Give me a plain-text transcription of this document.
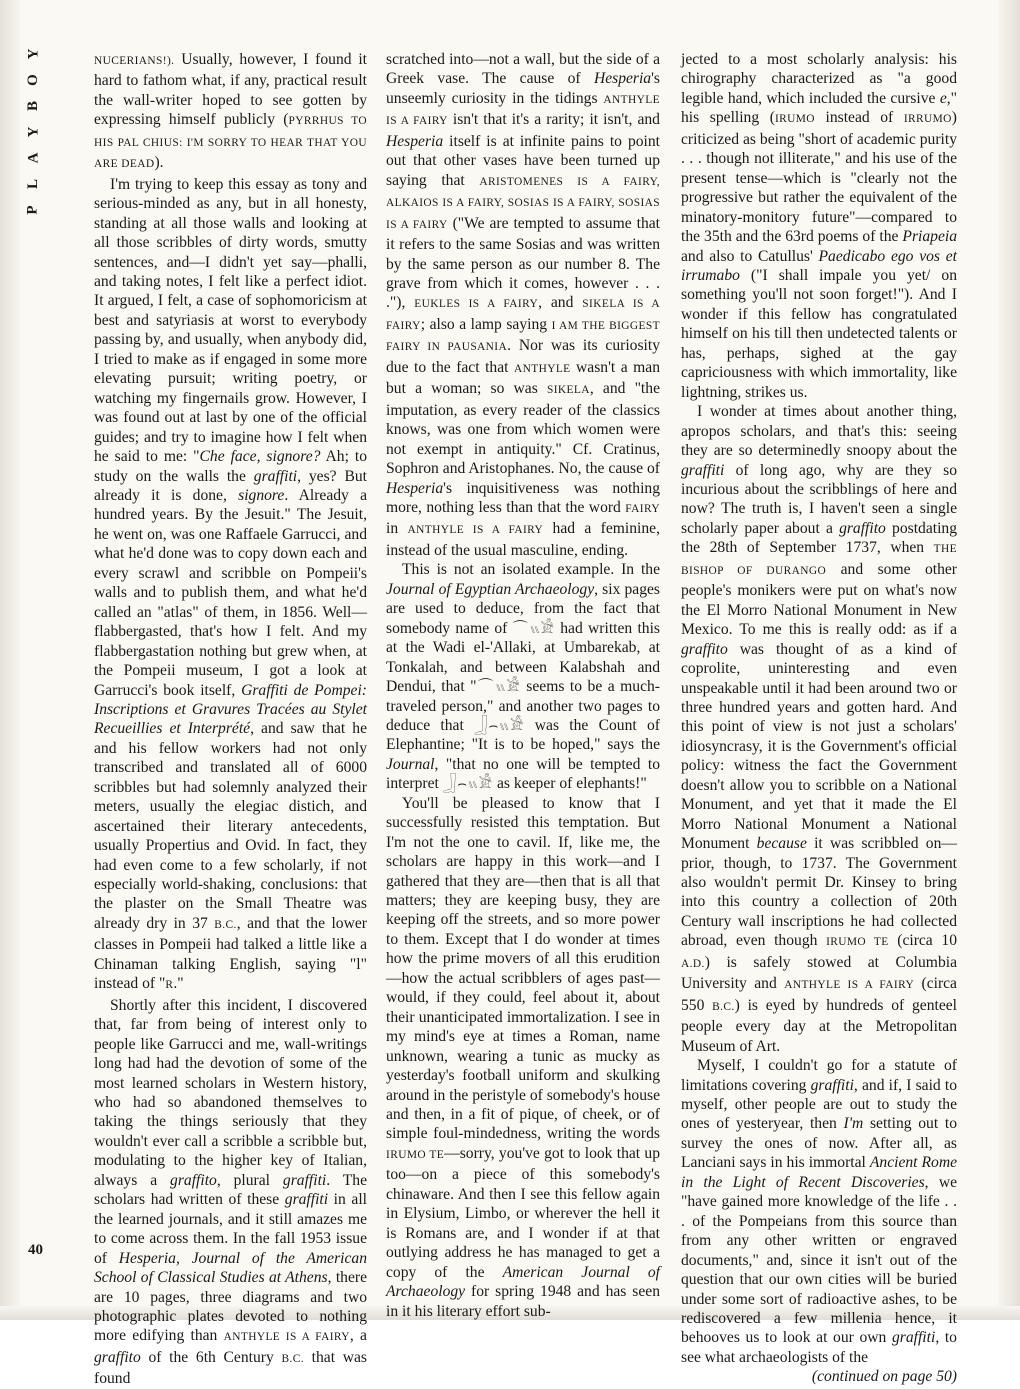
Y
O
B
Y
A
L
P
40

NUCERIANS!). Usually, however, I found it hard to fathom what, if any, practical result the wall-writer hoped to see gotten by expressing himself publicly (PYRRHUS TO HIS PAL CHIUS: I'M SORRY TO HEAR THAT YOU ARE DEAD).

I'm trying to keep this essay as tony and serious-minded as any, but in all honesty, standing at all those walls and looking at all those scribbles of dirty words, smutty sentences, and—I didn't yet say—phalli, and taking notes, I felt like a perfect idiot. It argued, I felt, a case of sophomoricism at best and satyriasis at worst to everybody passing by, and usually, when anybody did, I tried to make as if engaged in some more elevating pursuit; writing poetry, or watching my fingernails grow. However, I was found out at last by one of the official guides; and try to imagine how I felt when he said to me: "Che face, signore? Ah; to study on the walls the graffiti, yes? But already it is done, signore. Already a hundred years. By the Jesuit." The Jesuit, he went on, was one Raffaele Garrucci, and what he'd done was to copy down each and every scrawl and scribble on Pompeii's walls and to publish them, and what he'd called an "atlas" of them, in 1856. Well—flabbergasted, that's how I felt. And my flabbergastation nothing but grew when, at the Pompeii museum, I got a look at Garrucci's book itself, Graffiti de Pompei: Inscriptions et Gravures Tracées au Stylet Recueillies et Interprété, and saw that he and his fellow workers had not only transcribed and translated all of 6000 scribbles but had solemnly analyzed their meters, usually the elegiac distich, and ascertained their literary antecedents, usually Propertius and Ovid. In fact, they had even come to a few scholarly, if not especially world-shaking, conclusions: that the plaster on the Small Theatre was already dry in 37 B.C., and that the lower classes in Pompeii had talked a little like a Chinaman talking English, saying "l" instead of "R."

Shortly after this incident, I discovered that, far from being of interest only to people like Garrucci and me, wall-writings long had had the devotion of some of the most learned scholars in Western history, who had so abandoned themselves to taking the things seriously that they wouldn't ever call a scribble a scribble but, modulating to the higher key of Italian, always a graffito, plural graffiti. The scholars had written of these graffiti in all the learned journals, and it still amazes me to come across them. In the fall 1953 issue of Hesperia, Journal of the American School of Classical Studies at Athens, there are 10 pages, three diagrams and two photographic plates devoted to nothing more edifying than ANTHYLE IS A FAIRY, a graffito of the 6th Century B.C. that was found

scratched into—not a wall, but the side of a Greek vase. The cause of Hesperia's unseemly curiosity in the tidings ANTHYLE IS A FAIRY isn't that it's a rarity; it isn't, and Hesperia itself is at infinite pains to point out that other vases have been turned up saying that ARISTOMENES IS A FAIRY, ALKAIOS IS A FAIRY, SOSIAS IS A FAIRY, SOSIAS IS A FAIRY ("We are tempted to assume that it refers to the same Sosias and was written by the same person as our number 8. The grave from which it comes, however . . . ."), EUKLES IS A FAIRY, and SIKELA IS A FAIRY; also a lamp saying I AM THE BIGGEST FAIRY IN PAUSANIA. Nor was its curiosity due to the fact that ANTHYLE wasn't a man but a woman; so was SIKELA, and "the imputation, as every reader of the classics knows, was one from which women were not exempt in antiquity." Cf. Cratinus, Sophron and Aristophanes. No, the cause of Hesperia's inquisitiveness was nothing more, nothing less than that the word FAIRY in ANTHYLE IS A FAIRY had a feminine, instead of the usual masculine, ending.

This is not an isolated example. In the Journal of Egyptian Archaeology, six pages are used to deduce, from the fact that somebody name of ⌒𓏭𓀀 had written this at the Wadi el-'Allaki, at Umbarekab, at Tonkalah, and between Kalabshah and Dendui, that "⌒𓏭𓀀 seems to be a much-traveled person," and another two pages to deduce that 𓃀⌢𓏭𓀀 was the Count of Elephantine; "It is to be hoped," says the Journal, "that no one will be tempted to interpret 𓃀⌢𓏭𓀀 as keeper of elephants!"

You'll be pleased to know that I successfully resisted this temptation. But I'm not the one to cavil. If, like me, the scholars are happy in this work—and I gathered that they are—then that is all that matters; they are keeping busy, they are keeping off the streets, and so more power to them. Except that I do wonder at times how the prime movers of all this erudition—how the actual scribblers of ages past—would, if they could, feel about it, about their unanticipated immortalization. I see in my mind's eye at times a Roman, name unknown, wearing a tunic as mucky as yesterday's football uniform and skulking around in the peristyle of somebody's house and then, in a fit of pique, of cheek, or of simple foul-mindedness, writing the words IRUMO TE—sorry, you've got to look that up too—on a piece of this somebody's chinaware. And then I see this fellow again in Elysium, Limbo, or wherever the hell it is Romans are, and I wonder if at that outlying address he has managed to get a copy of the American Journal of Archaeology for spring 1948 and has seen in it his literary effort sub-

jected to a most scholarly analysis: his chirography characterized as "a good legible hand, which included the cursive e," his spelling (IRUMO instead of IRRUMO) criticized as being "short of academic purity . . . though not illiterate," and his use of the present tense—which is "clearly not the progressive but rather the equivalent of the minatory-monitory future"—compared to the 35th and the 63rd poems of the Priapeia and also to Catullus' Paedicabo ego vos et irrumabo ("I shall impale you yet/ on something you'll not soon forget!"). And I wonder if this fellow has congratulated himself on his till then undetected talents or has, perhaps, sighed at the gay capriciousness with which immortality, like lightning, strikes us.

I wonder at times about another thing, apropos scholars, and that's this: seeing they are so determinedly snoopy about the graffiti of long ago, why are they so incurious about the scribblings of here and now? The truth is, I haven't seen a single scholarly paper about a graffito postdating the 28th of September 1737, when THE BISHOP OF DURANGO and some other people's monikers were put on what's now the El Morro National Monument in New Mexico. To me this is really odd: as if a graffito was thought of as a kind of coprolite, uninteresting and even unspeakable until it had been around two or three hundred years and gotten hard. And this point of view is not just a scholars' idiosyncrasy, it is the Government's official policy: witness the fact the Government doesn't allow you to scribble on a National Monument, and yet that it made the El Morro National Monument a National Monument because it was scribbled on—prior, though, to 1737. The Government also wouldn't permit Dr. Kinsey to bring into this country a collection of 20th Century wall inscriptions he had collected abroad, even though IRUMO TE (circa 10 A.D.) is safely stowed at Columbia University and ANTHYLE IS A FAIRY (circa 550 B.C.) is eyed by hundreds of genteel people every day at the Metropolitan Museum of Art.

Myself, I couldn't go for a statute of limitations covering graffiti, and if, I said to myself, other people are out to study the ones of yesteryear, then I'm setting out to survey the ones of now. After all, as Lanciani says in his immortal Ancient Rome in the Light of Recent Discoveries, we "have gained more knowledge of the life . . . of the Pompeians from this source than from any other written or engraved documents," and, since it isn't out of the question that our own cities will be buried under some sort of radioactive ashes, to be rediscovered a few millenia hence, it behooves us to look at our own graffiti, to see what archaeologists of the

(continued on page 50)
